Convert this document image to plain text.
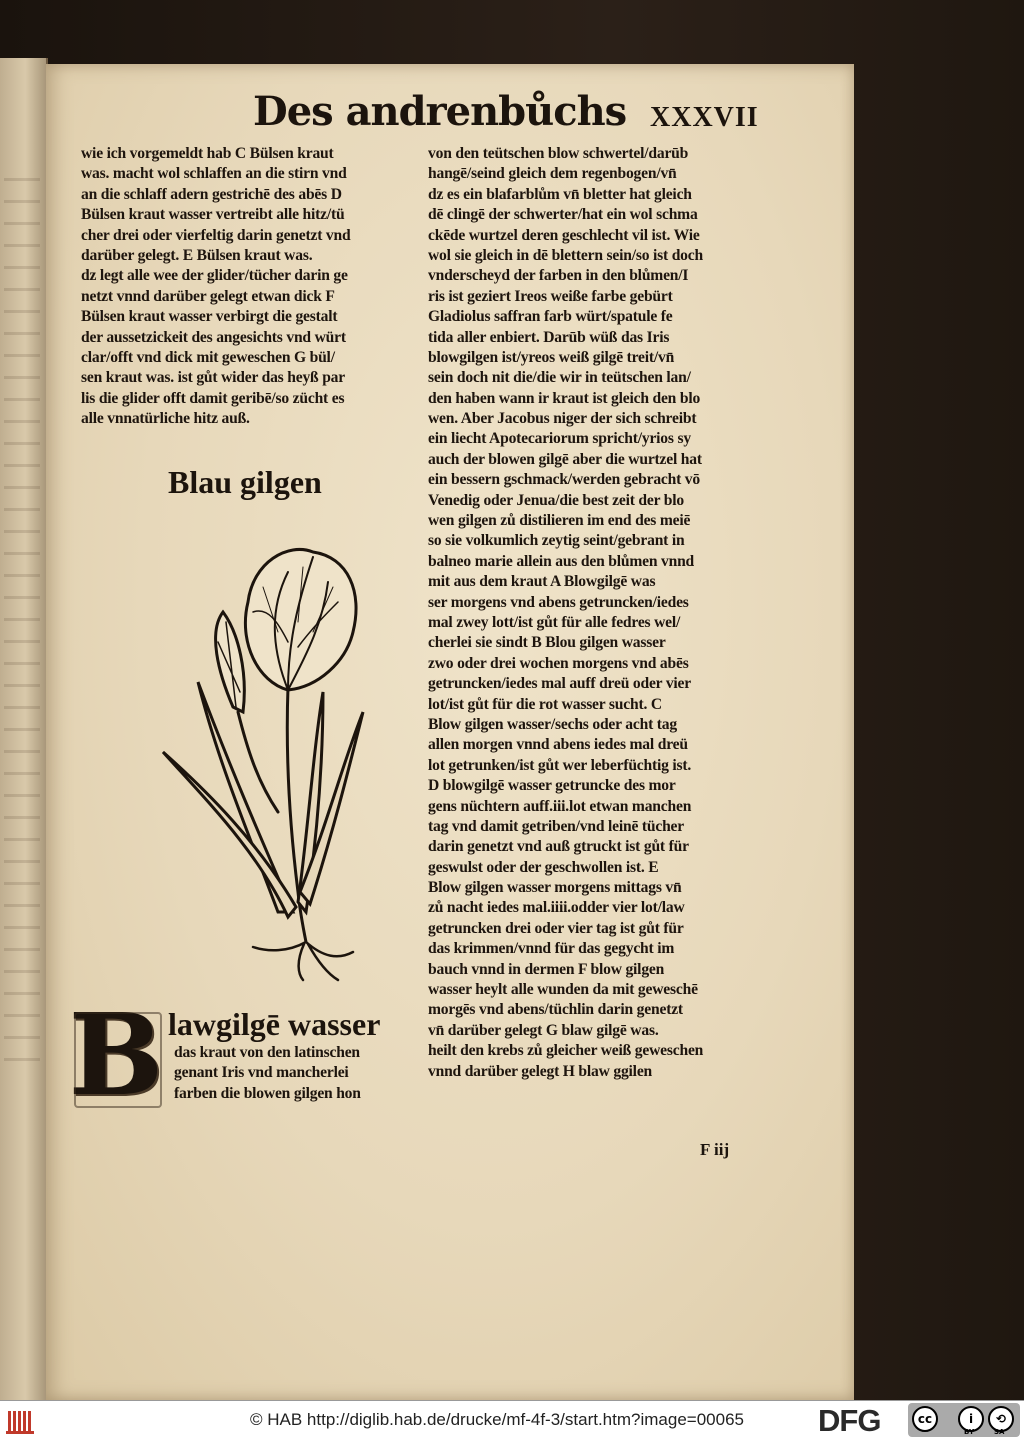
Des andrenbůchs XXXVII
wie ich vorgemeldt hab C Bülsen kraut
was. macht wol schlaffen an die stirn vnd
an die schlaff adern gestrichē des abēs D
Bülsen kraut wasser vertreibt alle hitz/tü
cher drei oder vierfeltig darin genetzt vnd
darüber gelegt. E Bülsen kraut was.
dz legt alle wee der glider/tücher darin ge
netzt vnnd darüber gelegt etwan dick F
Bülsen kraut wasser verbirgt die gestalt
der aussetzickeit des angesichts vnd würt
clar/offt vnd dick mit geweschen G bül/
sen kraut was. ist gůt wider das heyß par
lis die glider offt damit geribē/so zücht es
alle vnnatürliche hitz auß.
von den teütschen blow schwertel/darūb
hangē/seind gleich dem regenbogen/vn̄
dz es ein blafarblům vn̄ bletter hat gleich
dē clingē der schwerter/hat ein wol schma
ckēde wurtzel deren geschlecht vil ist. Wie
wol sie gleich in dē blettern sein/so ist doch
vnderscheyd der farben in den blůmen/I
ris ist geziert Ireos weiße farbe gebürt
Gladiolus saffran farb würt/spatule fe
tida aller enbiert. Darūb wüß das Iris
blowgilgen ist/yreos weiß gilgē treit/vn̄
sein doch nit die/die wir in teütschen lan/
den haben wann ir kraut ist gleich den blo
wen. Aber Jacobus niger der sich schreibt
ein liecht Apotecariorum spricht/yrios sy
auch der blowen gilgē aber die wurtzel hat
ein bessern gschmack/werden gebracht vō
Venedig oder Jenua/die best zeit der blo
wen gilgen zů distilieren im end des meiē
so sie volkumlich zeytig seint/gebrant in
balneo marie allein aus den blůmen vnnd
mit aus dem kraut A Blowgilgē was
ser morgens vnd abens getruncken/iedes
mal zwey lott/ist gůt für alle fedres wel/
cherlei sie sindt B Blou gilgen wasser
zwo oder drei wochen morgens vnd abēs
getruncken/iedes mal auff dreü oder vier
lot/ist gůt für die rot wasser sucht. C
Blow gilgen wasser/sechs oder acht tag
allen morgen vnnd abens iedes mal dreü
lot getrunken/ist gůt wer leberfüchtig ist.
D blowgilgē wasser getruncke des mor
gens nüchtern auff.iii.lot etwan manchen
tag vnd damit getriben/vnd leinē tücher
darin genetzt vnd auß gtruckt ist gůt für
geswulst oder der geschwollen ist. E
Blow gilgen wasser morgens mittags vn̄
zů nacht iedes mal.iiii.odder vier lot/law
getruncken drei oder vier tag ist gůt für
das krimmen/vnnd für das gegycht im
bauch vnnd in dermen F blow gilgen
wasser heylt alle wunden da mit geweschē
morgēs vnd abens/tüchlin darin genetzt
vn̄ darüber gelegt G blaw gilgē was.
heilt den krebs zů gleicher weiß geweschen
vnnd darüber gelegt H blaw ggilen
Blau gilgen
B lawgilgē wasser
das kraut von den latinschen
genant Iris vnd mancherlei
farben die blowen gilgen hon
F iij
© HAB http://diglib.hab.de/drucke/mf-4f-3/start.htm?image=00065 DFG	cc	i	⟲
BY	SA
